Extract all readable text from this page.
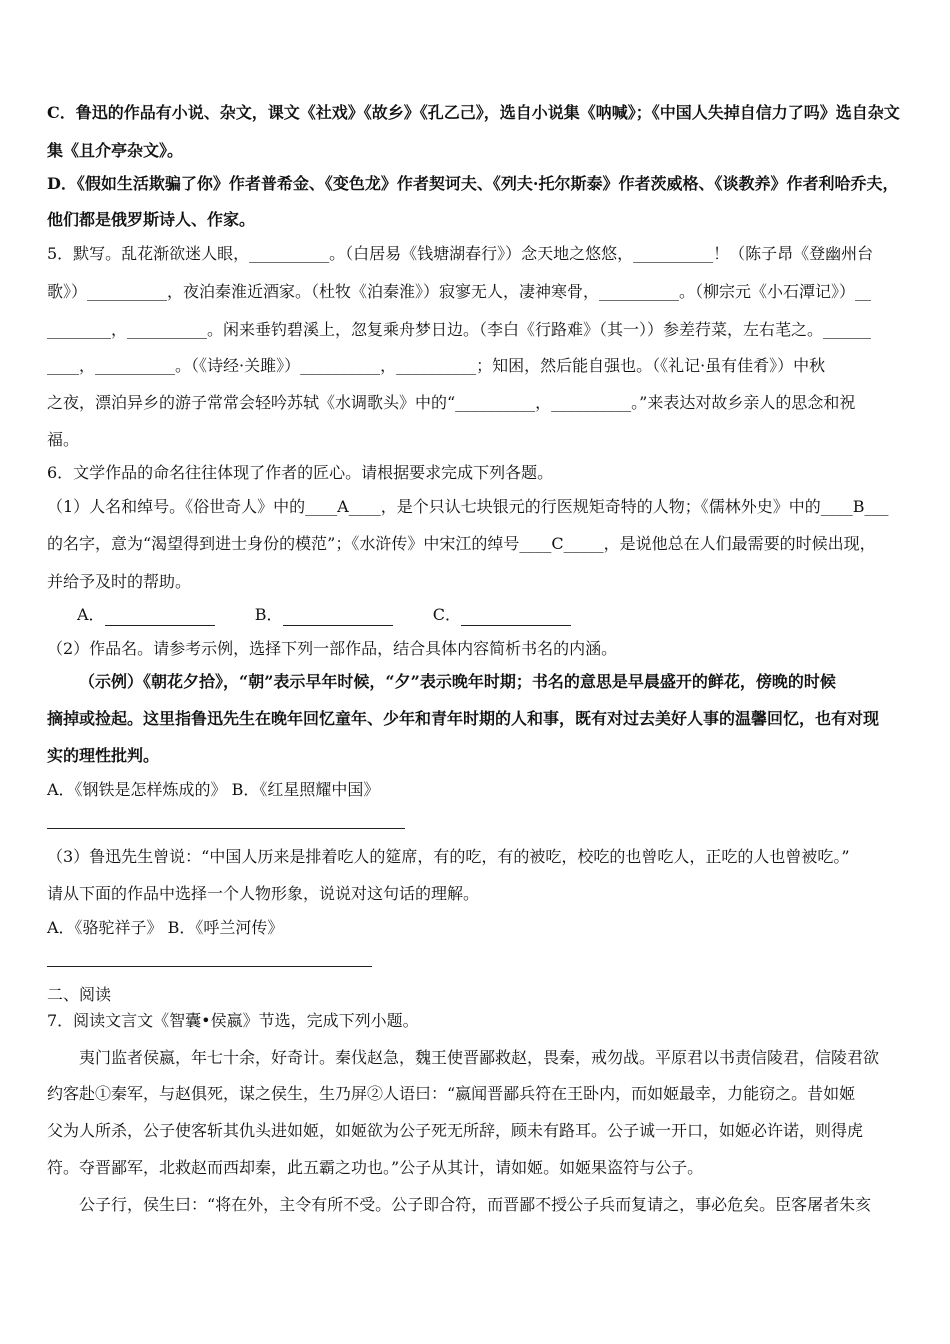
C．鲁迅的作品有小说、杂文，课文《社戏》《故乡》《孔乙己》，选自小说集《呐喊》；《中国人失掉自信力了吗》选自杂文
集《且介亭杂文》。
D．《假如生活欺骗了你》作者普希金、《变色龙》作者契诃夫、《列夫·托尔斯泰》作者茨威格、《谈教养》作者利哈乔夫，
他们都是俄罗斯诗人、作家。
5．默写。乱花渐欲迷人眼，__________。（白居易《钱塘湖春行》）念天地之悠悠，__________！（陈子昂《登幽州台
歌》）__________，夜泊秦淮近酒家。（杜牧《泊秦淮》）寂寥无人，凄神寒骨，__________。（柳宗元《小石潭记》）__
________，__________。闲来垂钓碧溪上，忽复乘舟梦日边。（李白《行路难》（其一））参差荇菜，左右芼之。______
____，__________。（《诗经·关雎》）__________，__________；知困，然后能自强也。（《礼记·虽有佳肴》）中秋
之夜，漂泊异乡的游子常常会轻吟苏轼《水调歌头》中的“__________，__________。”来表达对故乡亲人的思念和祝
福。
6．文学作品的命名往往体现了作者的匠心。请根据要求完成下列各题。
（1）人名和绰号。《俗世奇人》中的____A____，是个只认七块银元的行医规矩奇特的人物；《儒林外史》中的____B___
的名字，意为“渴望得到进士身份的模范”；《水浒传》中宋江的绰号____C_____，是说他总在人们最需要的时候出现，
并给予及时的帮助。
（2）作品名。请参考示例，选择下列一部作品，结合具体内容简析书名的内涵。
（示例）《朝花夕拾》，“朝”表示早年时候，“夕”表示晚年时期；书名的意思是早晨盛开的鲜花，傍晚的时候
摘掉或捡起。这里指鲁迅先生在晚年回忆童年、少年和青年时期的人和事，既有对过去美好人事的温馨回忆，也有对现
实的理性批判。
A．《钢铁是怎样炼成的》 B．《红星照耀中国》
（3）鲁迅先生曾说：“中国人历来是排着吃人的筵席，有的吃，有的被吃，校吃的也曾吃人，正吃的人也曾被吃。”
请从下面的作品中选择一个人物形象，说说对这句话的理解。
A．《骆驼祥子》 B．《呼兰河传》
二、阅读
7．阅读文言文《智囊•侯嬴》节选，完成下列小题。
夷门监者侯嬴，年七十余，好奇计。秦伐赵急，魏王使晋鄙救赵，畏秦，戒勿战。平原君以书责信陵君，信陵君欲
约客赴①秦军，与赵俱死，谋之侯生，生乃屏②人语曰：“嬴闻晋鄙兵符在王卧内，而如姬最幸，力能窃之。昔如姬
父为人所杀，公子使客斩其仇头进如姬，如姬欲为公子死无所辞，顾未有路耳。公子诚一开口，如姬必许诺，则得虎
符。夺晋鄙军，北救赵而西却秦，此五霸之功也。”公子从其计，请如姬。如姬果盗符与公子。
公子行，侯生曰：“将在外，主令有所不受。公子即合符，而晋鄙不授公子兵而复请之，事必危矣。臣客屠者朱亥
A．	B．	C．
